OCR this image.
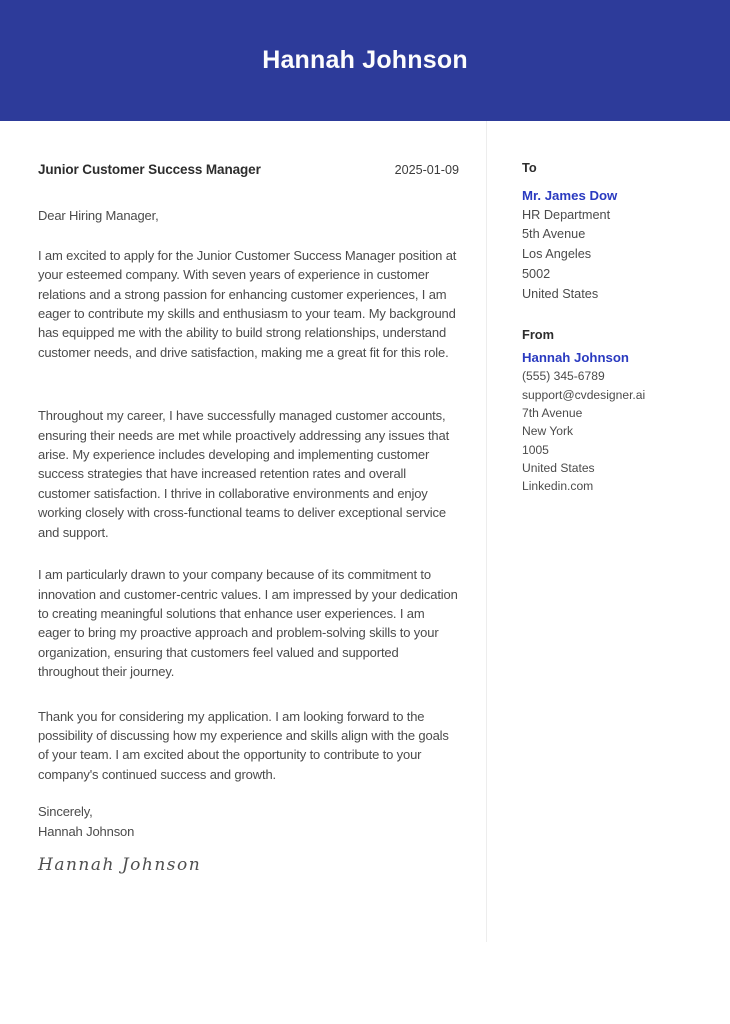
Hannah Johnson
Junior Customer Success Manager	2025-01-09

Dear Hiring Manager,

I am excited to apply for the Junior Customer Success Manager position at your esteemed company. With seven years of experience in customer relations and a strong passion for enhancing customer experiences, I am eager to contribute my skills and enthusiasm to your team. My background has equipped me with the ability to build strong relationships, understand customer needs, and drive satisfaction, making me a great fit for this role.

Throughout my career, I have successfully managed customer accounts, ensuring their needs are met while proactively addressing any issues that arise. My experience includes developing and implementing customer success strategies that have increased retention rates and overall customer satisfaction. I thrive in collaborative environments and enjoy working closely with cross-functional teams to deliver exceptional service and support.

I am particularly drawn to your company because of its commitment to innovation and customer-centric values. I am impressed by your dedication to creating meaningful solutions that enhance user experiences. I am eager to bring my proactive approach and problem-solving skills to your organization, ensuring that customers feel valued and supported throughout their journey.

Thank you for considering my application. I am looking forward to the possibility of discussing how my experience and skills align with the goals of your team. I am excited about the opportunity to contribute to your company's continued success and growth.

Sincerely,
Hannah Johnson
Hannah Johnson
To
Mr. James Dow
HR Department
5th Avenue
Los Angeles
5002
United States
From
Hannah Johnson
(555) 345-6789
support@cvdesigner.ai
7th Avenue
New York
1005
United States
Linkedin.com
